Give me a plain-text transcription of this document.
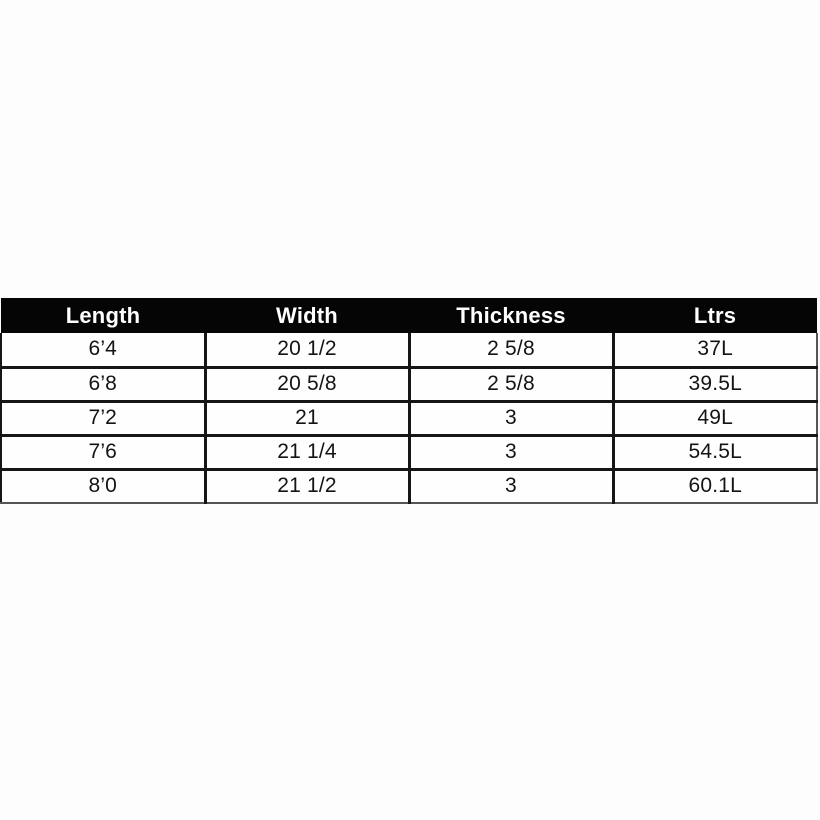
Length	Width	Thickness	Ltrs
6’4	20 1/2	2 5/8	37L
6’8	20 5/8	2 5/8	39.5L
7’2	21	3	49L
7’6	21 1/4	3	54.5L
8’0	21 1/2	3	60.1L
